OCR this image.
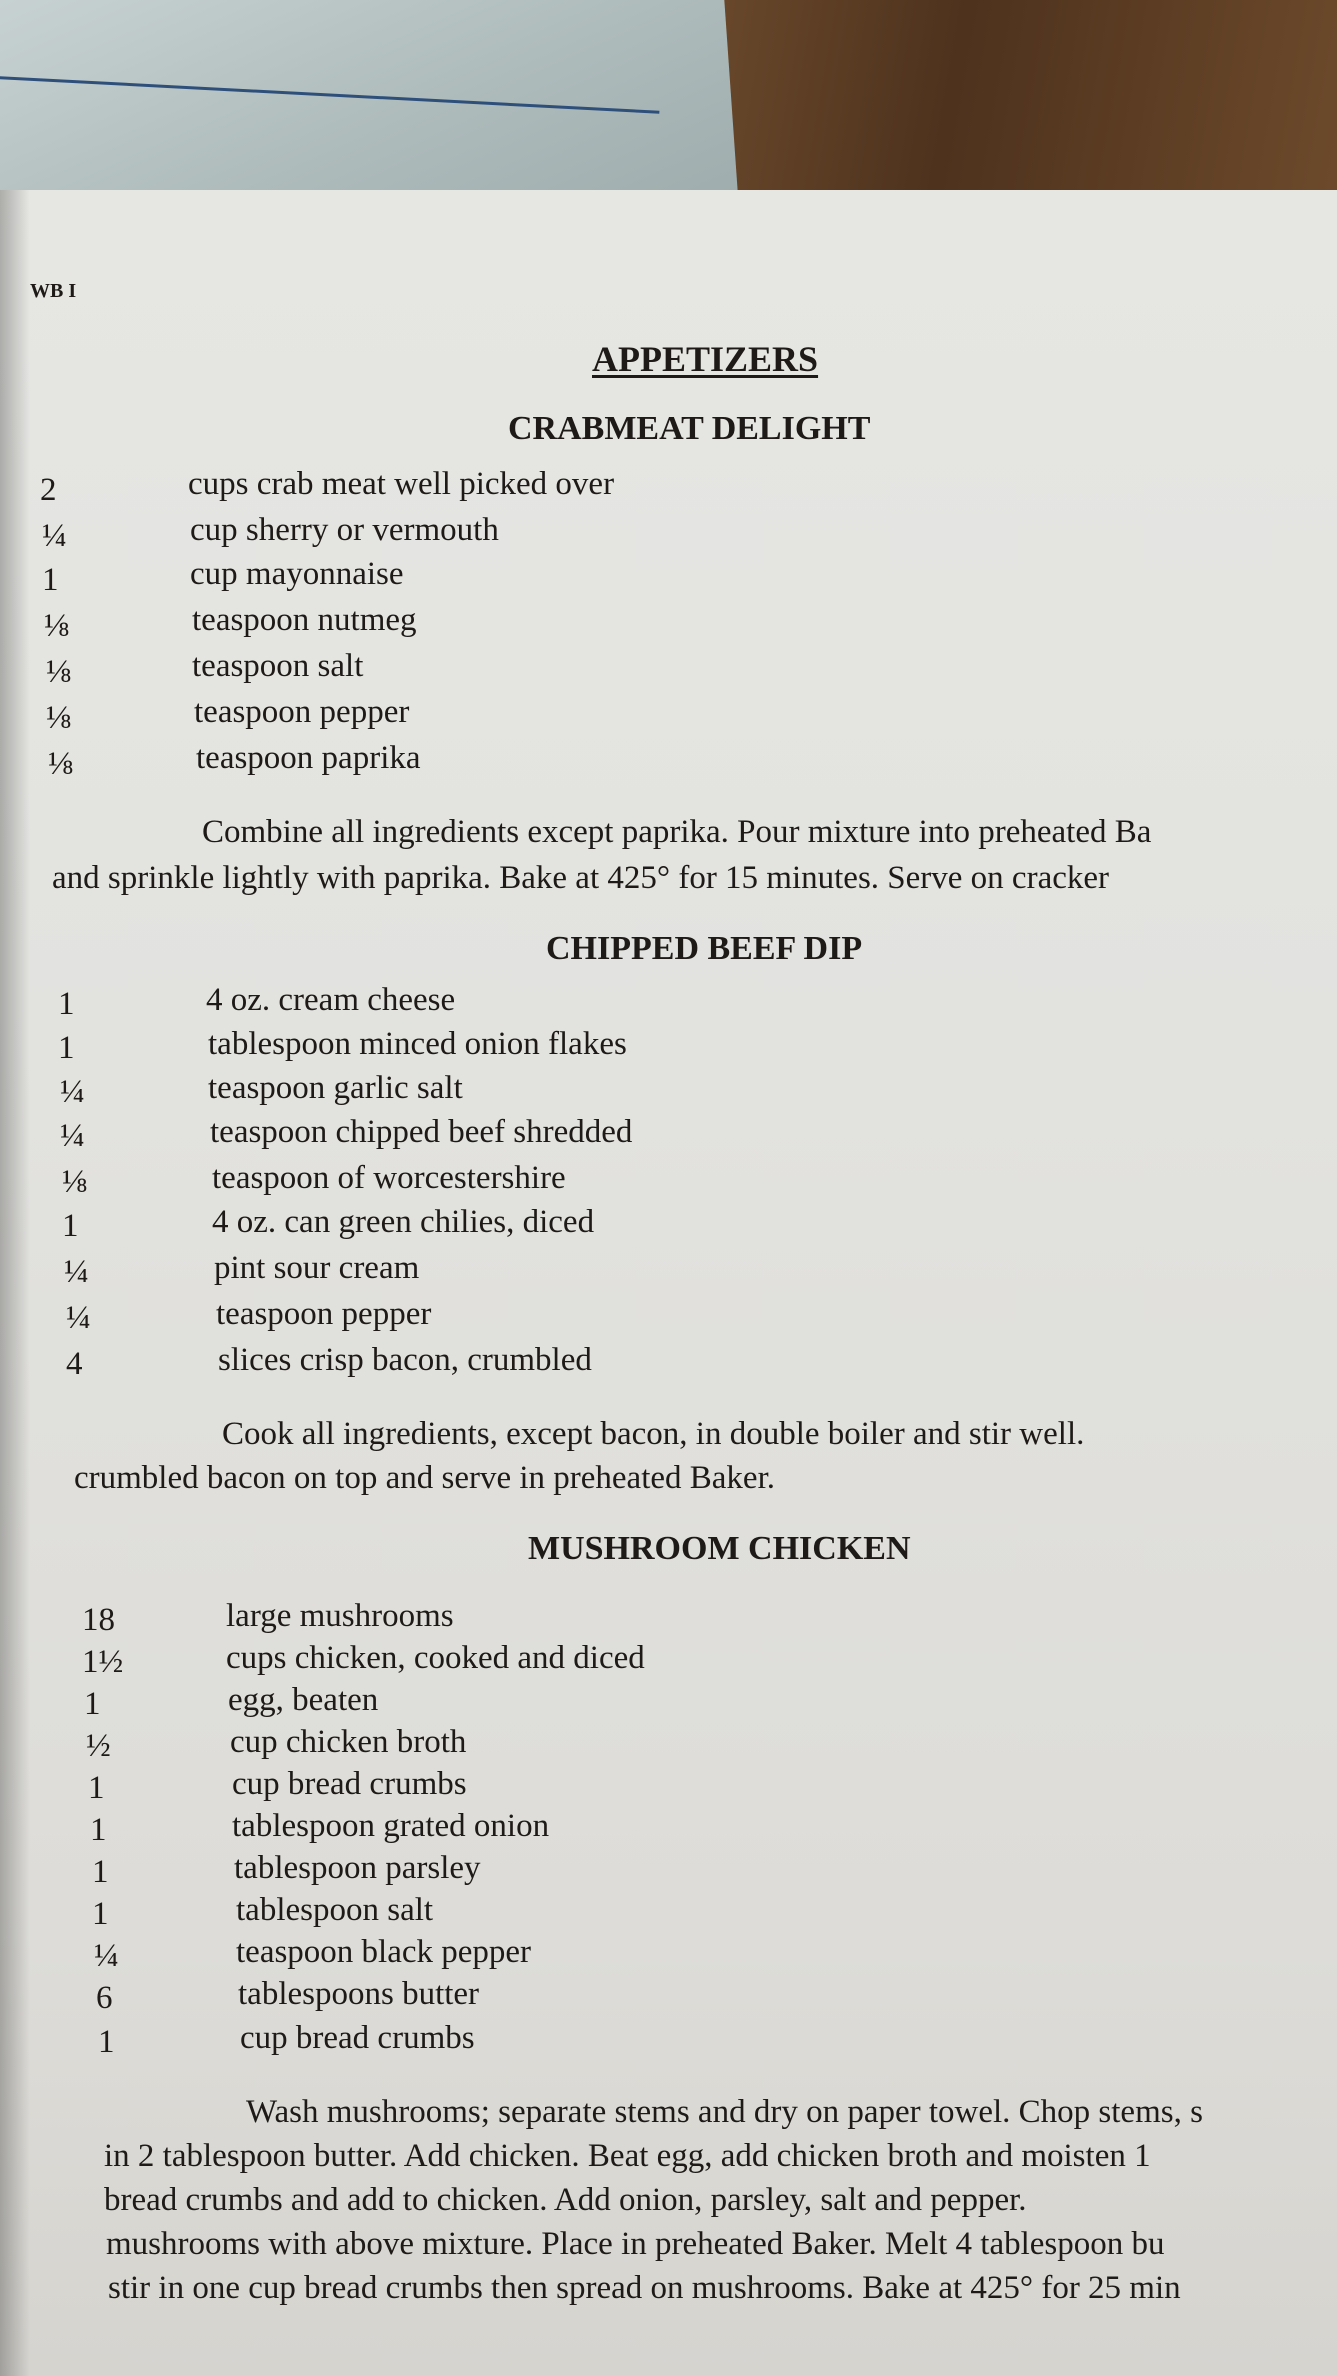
WB I
APPETIZERS
CRABMEAT DELIGHT
2	cups crab meat well picked over
¼	cup sherry or vermouth
1	cup mayonnaise
⅛	teaspoon nutmeg
⅛	teaspoon salt
⅛	teaspoon pepper
⅛	teaspoon paprika
Combine all ingredients except paprika. Pour mixture into preheated Ba
and sprinkle lightly with paprika. Bake at 425° for 15 minutes. Serve on cracker
CHIPPED BEEF DIP
1	4 oz. cream cheese
1	tablespoon minced onion flakes
¼	teaspoon garlic salt
¼	teaspoon chipped beef shredded
⅛	teaspoon of worcestershire
1	4 oz. can green chilies, diced
¼	pint sour cream
¼	teaspoon pepper
4	slices crisp bacon, crumbled
Cook all ingredients, except bacon, in double boiler and stir well.
crumbled bacon on top and serve in preheated Baker.
MUSHROOM CHICKEN
18	large mushrooms
1½	cups chicken, cooked and diced
1	egg, beaten
½	cup chicken broth
1	cup bread crumbs
1	tablespoon grated onion
1	tablespoon parsley
1	tablespoon salt
¼	teaspoon black pepper
6	tablespoons butter
1	cup bread crumbs
Wash mushrooms; separate stems and dry on paper towel. Chop stems, s
in 2 tablespoon butter. Add chicken. Beat egg, add chicken broth and moisten 1
bread crumbs and add to chicken. Add onion, parsley, salt and pepper.
mushrooms with above mixture. Place in preheated Baker. Melt 4 tablespoon bu
stir in one cup bread crumbs then spread on mushrooms. Bake at 425° for 25 min
